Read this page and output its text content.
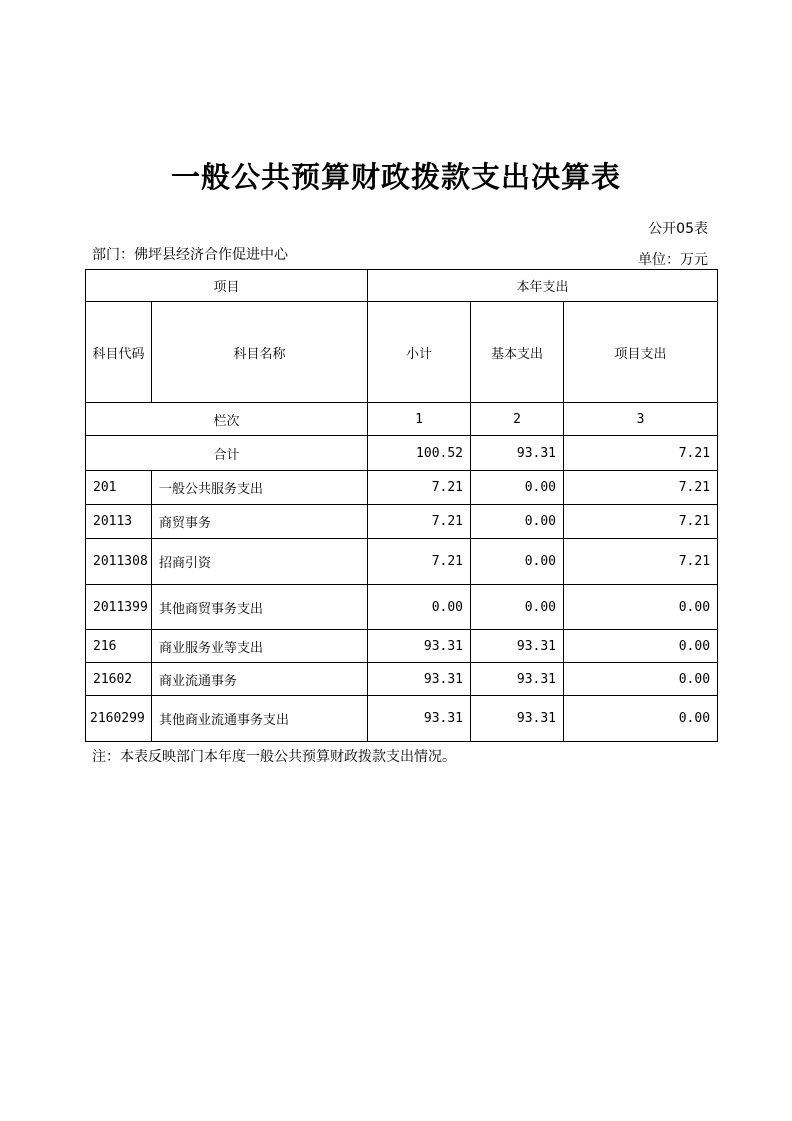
一般公共预算财政拨款支出决算表
公开05表
部门：佛坪县经济合作促进中心	单位：万元
项目		本年支出		
科目代码	科目名称	小计	基本支出	项目支出
栏次		1	2	3
合计		100.52	93.31	7.21
201	一般公共服务支出	7.21	0.00	7.21
20113	商贸事务	7.21	0.00	7.21
2011308	招商引资	7.21	0.00	7.21
2011399	其他商贸事务支出	0.00	0.00	0.00
216	商业服务业等支出	93.31	93.31	0.00
21602	商业流通事务	93.31	93.31	0.00
2160299	其他商业流通事务支出	93.31	93.31	0.00
注：本表反映部门本年度一般公共预算财政拨款支出情况。
